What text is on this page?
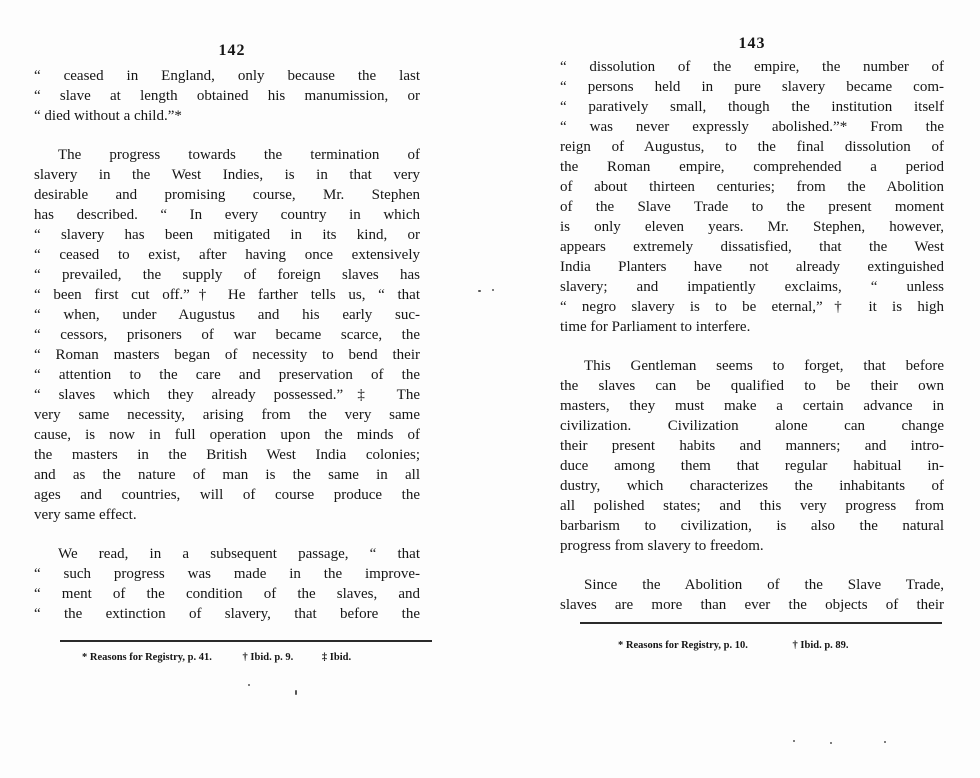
142
“ ceased in England, only because the last
“ slave at length obtained his manumission, or
“ died without a child.”*
The progress towards the termination of
slavery in the West Indies, is in that very
desirable and promising course, Mr. Stephen
has described. “ In every country in which
“ slavery has been mitigated in its kind, or
“ ceased to exist, after having once extensively
“ prevailed, the supply of foreign slaves has
“ been first cut off.”† He farther tells us, “ that
“ when, under Augustus and his early suc-
“ cessors, prisoners of war became scarce, the
“ Roman masters began of necessity to bend their
“ attention to the care and preservation of the
“ slaves which they already possessed.”‡ The
very same necessity, arising from the very same
cause, is now in full operation upon the minds of
the masters in the British West India colonies;
and as the nature of man is the same in all
ages and countries, will of course produce the
very same effect.
We read, in a subsequent passage, “ that
“ such progress was made in the improve-
“ ment of the condition of the slaves, and
“ the extinction of slavery, that before the
* Reasons for Registry, p. 41.	† Ibid. p. 9.	‡ Ibid.
143
“ dissolution of the empire, the number of
“ persons held in pure slavery became com-
“ paratively small, though the institution itself
“ was never expressly abolished.”* From the
reign of Augustus, to the final dissolution of
the Roman empire, comprehended a period
of about thirteen centuries; from the Abolition
of the Slave Trade to the present moment
is only eleven years. Mr. Stephen, however,
appears extremely dissatisfied, that the West
India Planters have not already extinguished
slavery; and impatiently exclaims, “ unless
“ negro slavery is to be eternal,”† it is high
time for Parliament to interfere.
This Gentleman seems to forget, that before
the slaves can be qualified to be their own
masters, they must make a certain advance in
civilization. Civilization alone can change
their present habits and manners; and intro-
duce among them that regular habitual in-
dustry, which characterizes the inhabitants of
all polished states; and this very progress from
barbarism to civilization, is also the natural
progress from slavery to freedom.
Since the Abolition of the Slave Trade,
slaves are more than ever the objects of their
* Reasons for Registry, p. 10.	† Ibid. p. 89.
